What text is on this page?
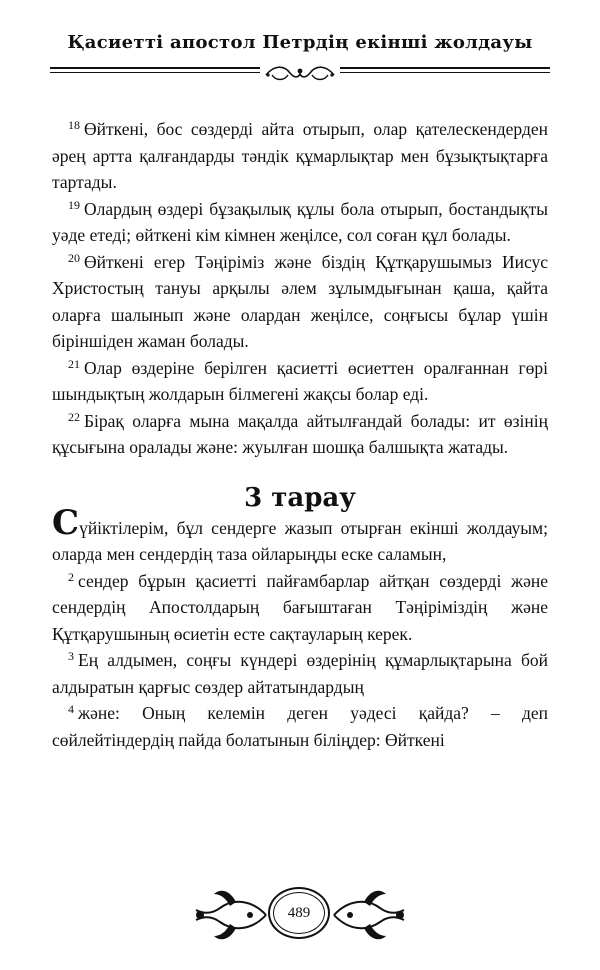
Қасиетті апостол Петрдің екінші жолдауы

$^{18}$ Өйткені, бос сөздерді айта отырып, олар қателескендерден әрең артта қалғандарды тәндік құмарлықтар мен бұзықтықтарға тартады.

$^{19}$ Олардың өздері бұзақылық құлы бола отырып, бостандықты уәде етеді; өйткені кім кімнен жеңілсе, сол соған құл болады.

$^{20}$ Өйткені егер Тәңіріміз және біздің Құтқарушымыз Иисус Христостың тануы арқылы әлем зұлымдығынан қаша, қайта оларға шалынып және олардан жеңілсе, соңғысы бұлар үшін біріншіден жаман болады.

$^{21}$ Олар өздеріне берілген қасиетті өсиеттен оралғаннан гөрі шындықтың жолдарын білмегені жақсы болар еді.

$^{22}$ Бірақ оларға мына мақалда айтылғандай болады: ит өзінің құсығына оралады және: жуылған шошқа балшықта жатады.

3 тарау

Сүйіктілерім, бұл сендерге жазып отырған екінші жолдауым; оларда мен сендердің таза ойларыңды еске саламын,

$^2$ сендер бұрын қасиетті пайғамбарлар айтқан сөздерді және сендердің Апостолдарың бағыштаған Тәңіріміздің және Құтқарушының өсиетін есте сақтауларың керек.

$^3$ Ең алдымен, соңғы күндері өздерінің құмарлықтарына бой алдыратын қарғыс сөздер айтатындардың

$^4$ және: Оның келемін деген уәдесі қайда? – деп сөйлейтіндердің пайда болатынын біліңдер: Өйткені

489
